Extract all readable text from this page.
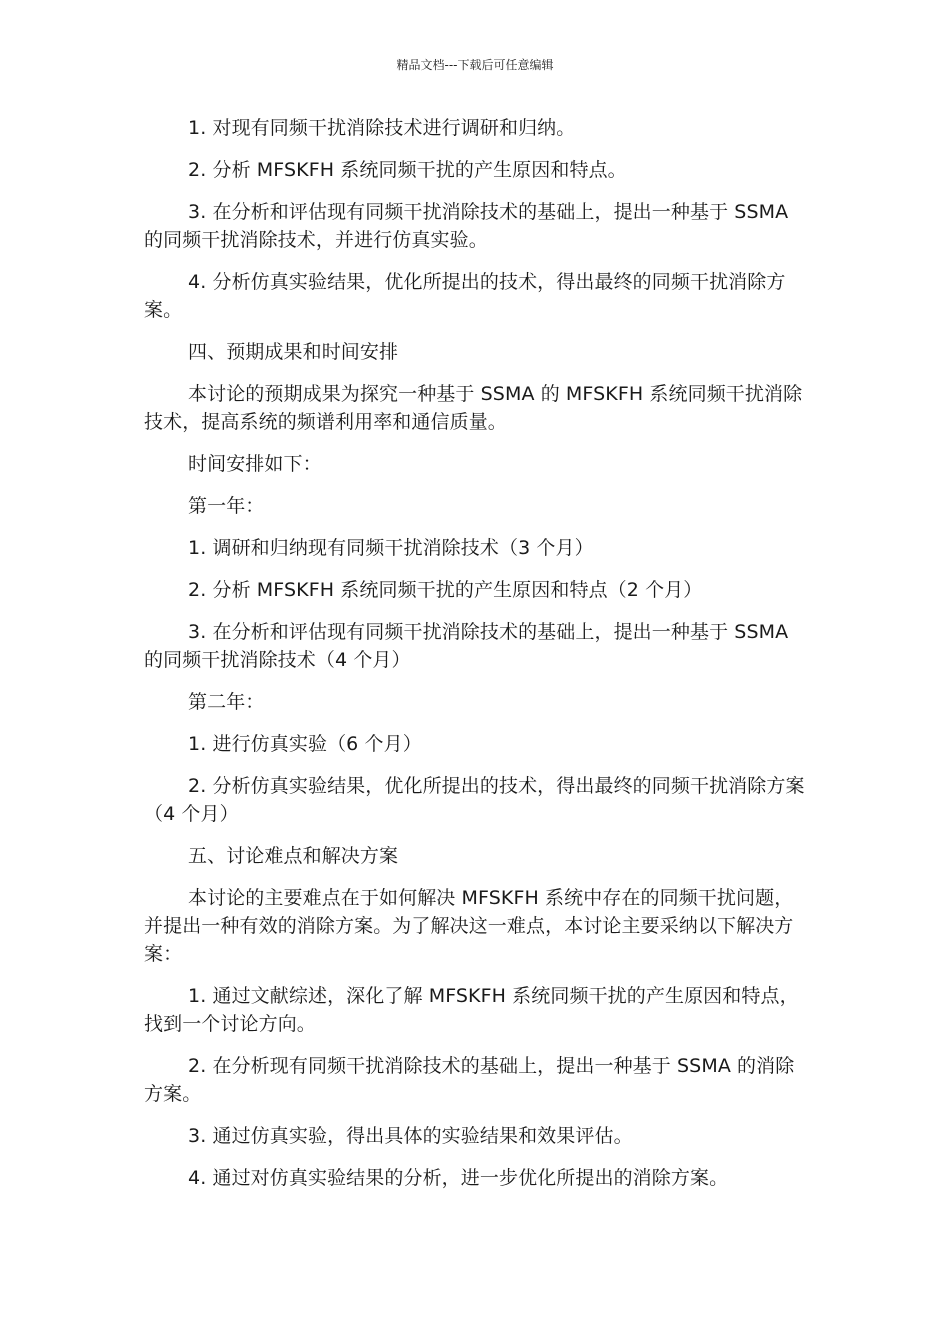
精品文档---下载后可任意编辑

1. 对现有同频干扰消除技术进行调研和归纳。

2. 分析 MFSKFH 系统同频干扰的产生原因和特点。

3. 在分析和评估现有同频干扰消除技术的基础上，提出一种基于 SSMA 的同频干扰消除技术，并进行仿真实验。

4. 分析仿真实验结果，优化所提出的技术，得出最终的同频干扰消除方案。

四、预期成果和时间安排

本讨论的预期成果为探究一种基于 SSMA 的 MFSKFH 系统同频干扰消除技术，提高系统的频谱利用率和通信质量。

时间安排如下：

第一年：

1. 调研和归纳现有同频干扰消除技术（3 个月）

2. 分析 MFSKFH 系统同频干扰的产生原因和特点（2 个月）

3. 在分析和评估现有同频干扰消除技术的基础上，提出一种基于 SSMA 的同频干扰消除技术（4 个月）

第二年：

1. 进行仿真实验（6 个月）

2. 分析仿真实验结果，优化所提出的技术，得出最终的同频干扰消除方案（4 个月）

五、讨论难点和解决方案

本讨论的主要难点在于如何解决 MFSKFH 系统中存在的同频干扰问题，并提出一种有效的消除方案。为了解决这一难点，本讨论主要采纳以下解决方案：

1. 通过文献综述，深化了解 MFSKFH 系统同频干扰的产生原因和特点，找到一个讨论方向。

2. 在分析现有同频干扰消除技术的基础上，提出一种基于 SSMA 的消除方案。

3. 通过仿真实验，得出具体的实验结果和效果评估。

4. 通过对仿真实验结果的分析，进一步优化所提出的消除方案。
